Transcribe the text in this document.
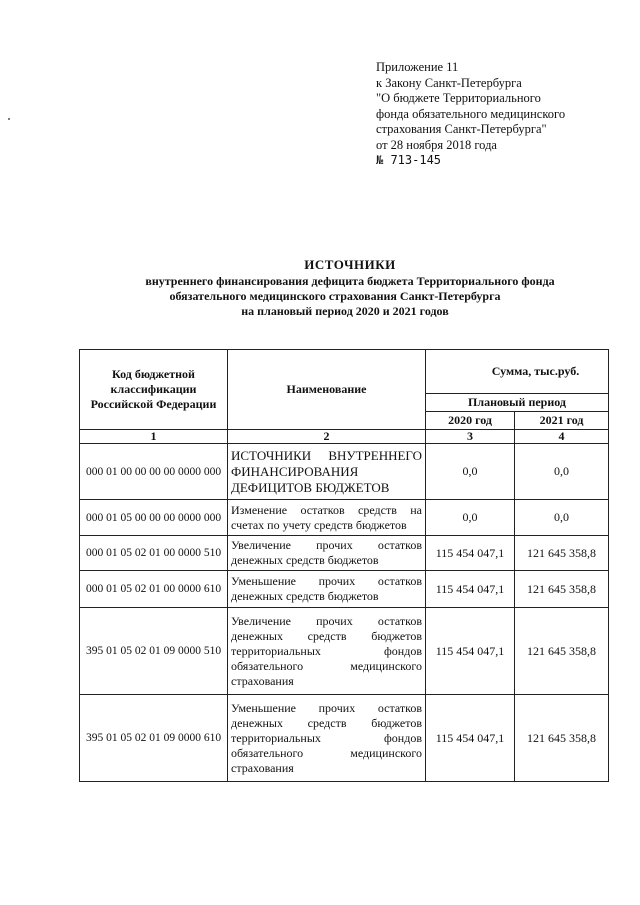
Приложение 11
к Закону Санкт-Петербурга
"О бюджете Территориального
фонда обязательного медицинского
страхования Санкт-Петербурга"
от 28 ноября 2018 года
№ 713-145
ИСТОЧНИКИ
внутреннего финансирования дефицита бюджета Территориального фонда
обязательного медицинского страхования Санкт-Петербурга
на плановый период 2020 и 2021 годов
Код бюджетной классификации Российской Федерации	Наименование	Сумма, тыс.руб.	
		Плановый период	
		2020 год	2021 год
1	2	3	4
000 01 00 00 00 00 0000 000	ИСТОЧНИКИ ВНУТРЕННЕГО ФИНАНСИРОВАНИЯ ДЕФИЦИТОВ БЮДЖЕТОВ	0,0	0,0
000 01 05 00 00 00 0000 000	Изменение остатков средств на счетах по учету средств бюджетов	0,0	0,0
000 01 05 02 01 00 0000 510	Увеличение прочих остатков денежных средств бюджетов	115 454 047,1	121 645 358,8
000 01 05 02 01 00 0000 610	Уменьшение прочих остатков денежных средств бюджетов	115 454 047,1	121 645 358,8
395 01 05 02 01 09 0000 510	Увеличение прочих остатков денежных средств бюджетов территориальных фондов обязательного медицинского страхования	115 454 047,1	121 645 358,8
395 01 05 02 01 09 0000 610	Уменьшение прочих остатков денежных средств бюджетов территориальных фондов обязательного медицинского страхования	115 454 047,1	121 645 358,8
